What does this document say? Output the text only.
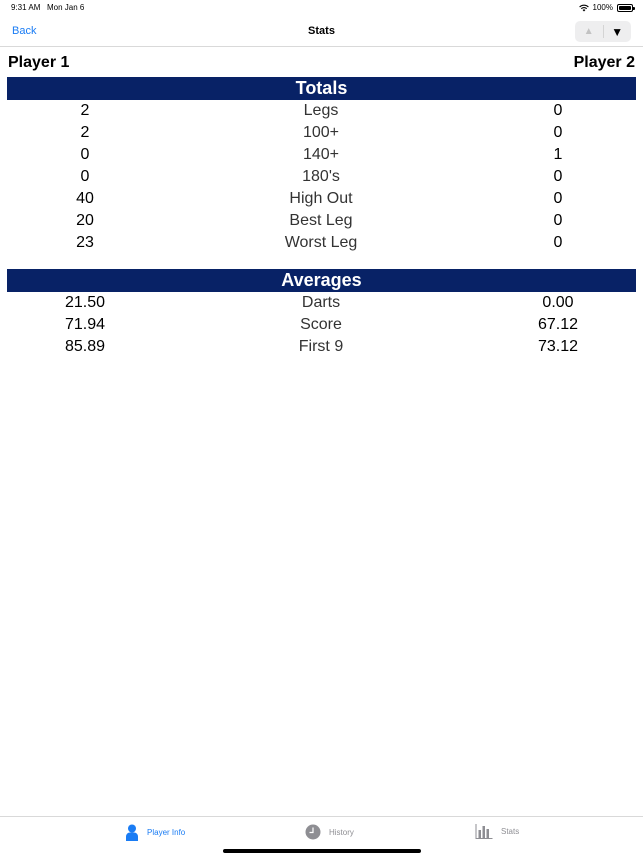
9:31 AM Mon Jan 6	100%
Back	Stats	▲	▼
Player 1	Player 2
Totals
2	Legs	0
2	100+	0
0	140+	1
0	180's	0
40	High Out	0
20	Best Leg	0
23	Worst Leg	0
Averages
21.50	Darts	0.00
71.94	Score	67.12
85.89	First 9	73.12
Player Info	History	Stats
